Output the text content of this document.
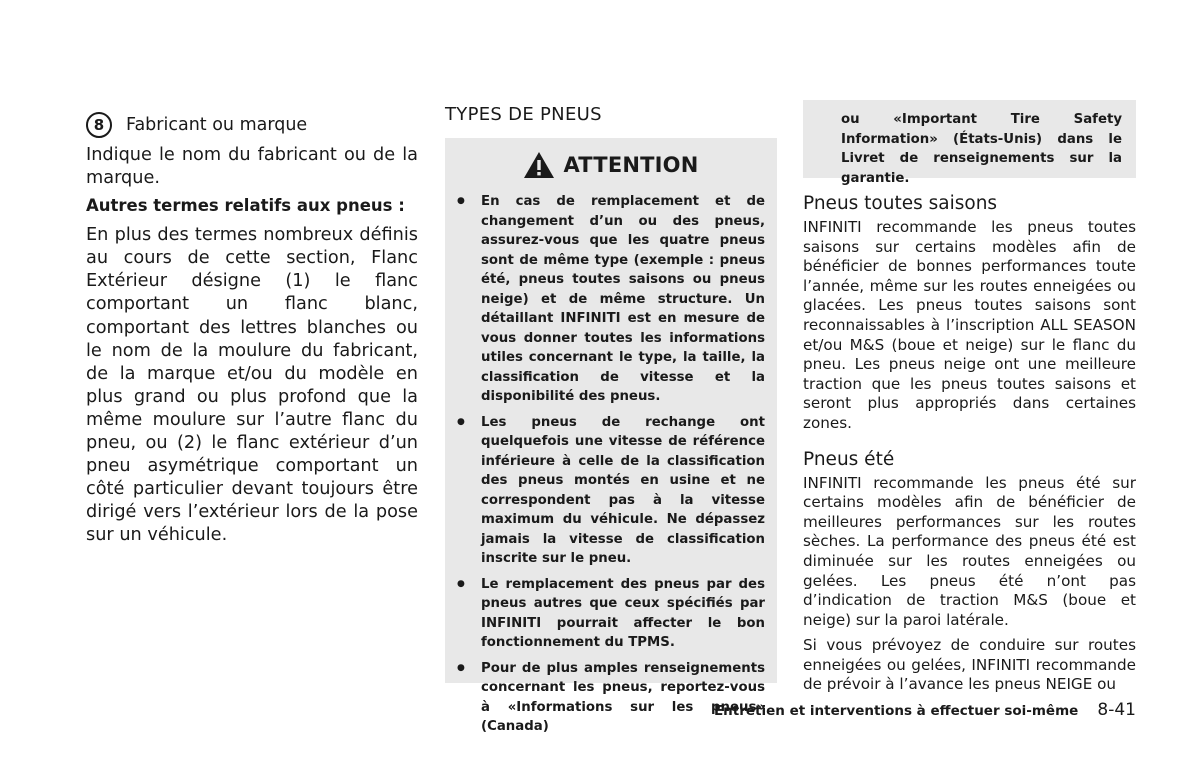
8	Fabricant ou marque

Indique le nom du fabricant ou de la marque.

Autres termes relatifs aux pneus :

En plus des termes nombreux définis au cours de cette section, Flanc Extérieur désigne (1) le flanc comportant un flanc blanc, comportant des lettres blanches ou le nom de la moulure du fabricant, de la marque et/ou du modèle en plus grand ou plus profond que la même moulure sur l’autre flanc du pneu, ou (2) le flanc extérieur d’un pneu asymétrique comportant un côté particulier devant toujours être dirigé vers l’extérieur lors de la pose sur un véhicule.

TYPES DE PNEUS
ATTENTION
● En cas de remplacement et de changement d’un ou des pneus, assurez-vous que les quatre pneus sont de même type (exemple : pneus été, pneus toutes saisons ou pneus neige) et de même structure. Un détaillant INFINITI est en mesure de vous donner toutes les informations utiles concernant le type, la taille, la classification de vitesse et la disponibilité des pneus.
● Les pneus de rechange ont quelquefois une vitesse de référence inférieure à celle de la classification des pneus montés en usine et ne correspondent pas à la vitesse maximum du véhicule. Ne dépassez jamais la vitesse de classification inscrite sur le pneu.
● Le remplacement des pneus par des pneus autres que ceux spécifiés par INFINITI pourrait affecter le bon fonctionnement du TPMS.
● Pour de plus amples renseignements concernant les pneus, reportez-vous à «Informations sur les pneus» (Canada)

ou «Important Tire Safety Information» (États-Unis) dans le Livret de renseignements sur la garantie.

Pneus toutes saisons

INFINITI recommande les pneus toutes saisons sur certains modèles afin de bénéficier de bonnes performances toute l’année, même sur les routes enneigées ou glacées. Les pneus toutes saisons sont reconnaissables à l’inscription ALL SEASON et/ou M&S (boue et neige) sur le flanc du pneu. Les pneus neige ont une meilleure traction que les pneus toutes saisons et seront plus appropriés dans certaines zones.

Pneus été

INFINITI recommande les pneus été sur certains modèles afin de bénéficier de meilleures performances sur les routes sèches. La performance des pneus été est diminuée sur les routes enneigées ou gelées. Les pneus été n’ont pas d’indication de traction M&S (boue et neige) sur la paroi latérale.

Si vous prévoyez de conduire sur routes enneigées ou gelées, INFINITI recommande de prévoir à l’avance les pneus NEIGE ou

Entretien et interventions à effectuer soi-même 8-41
